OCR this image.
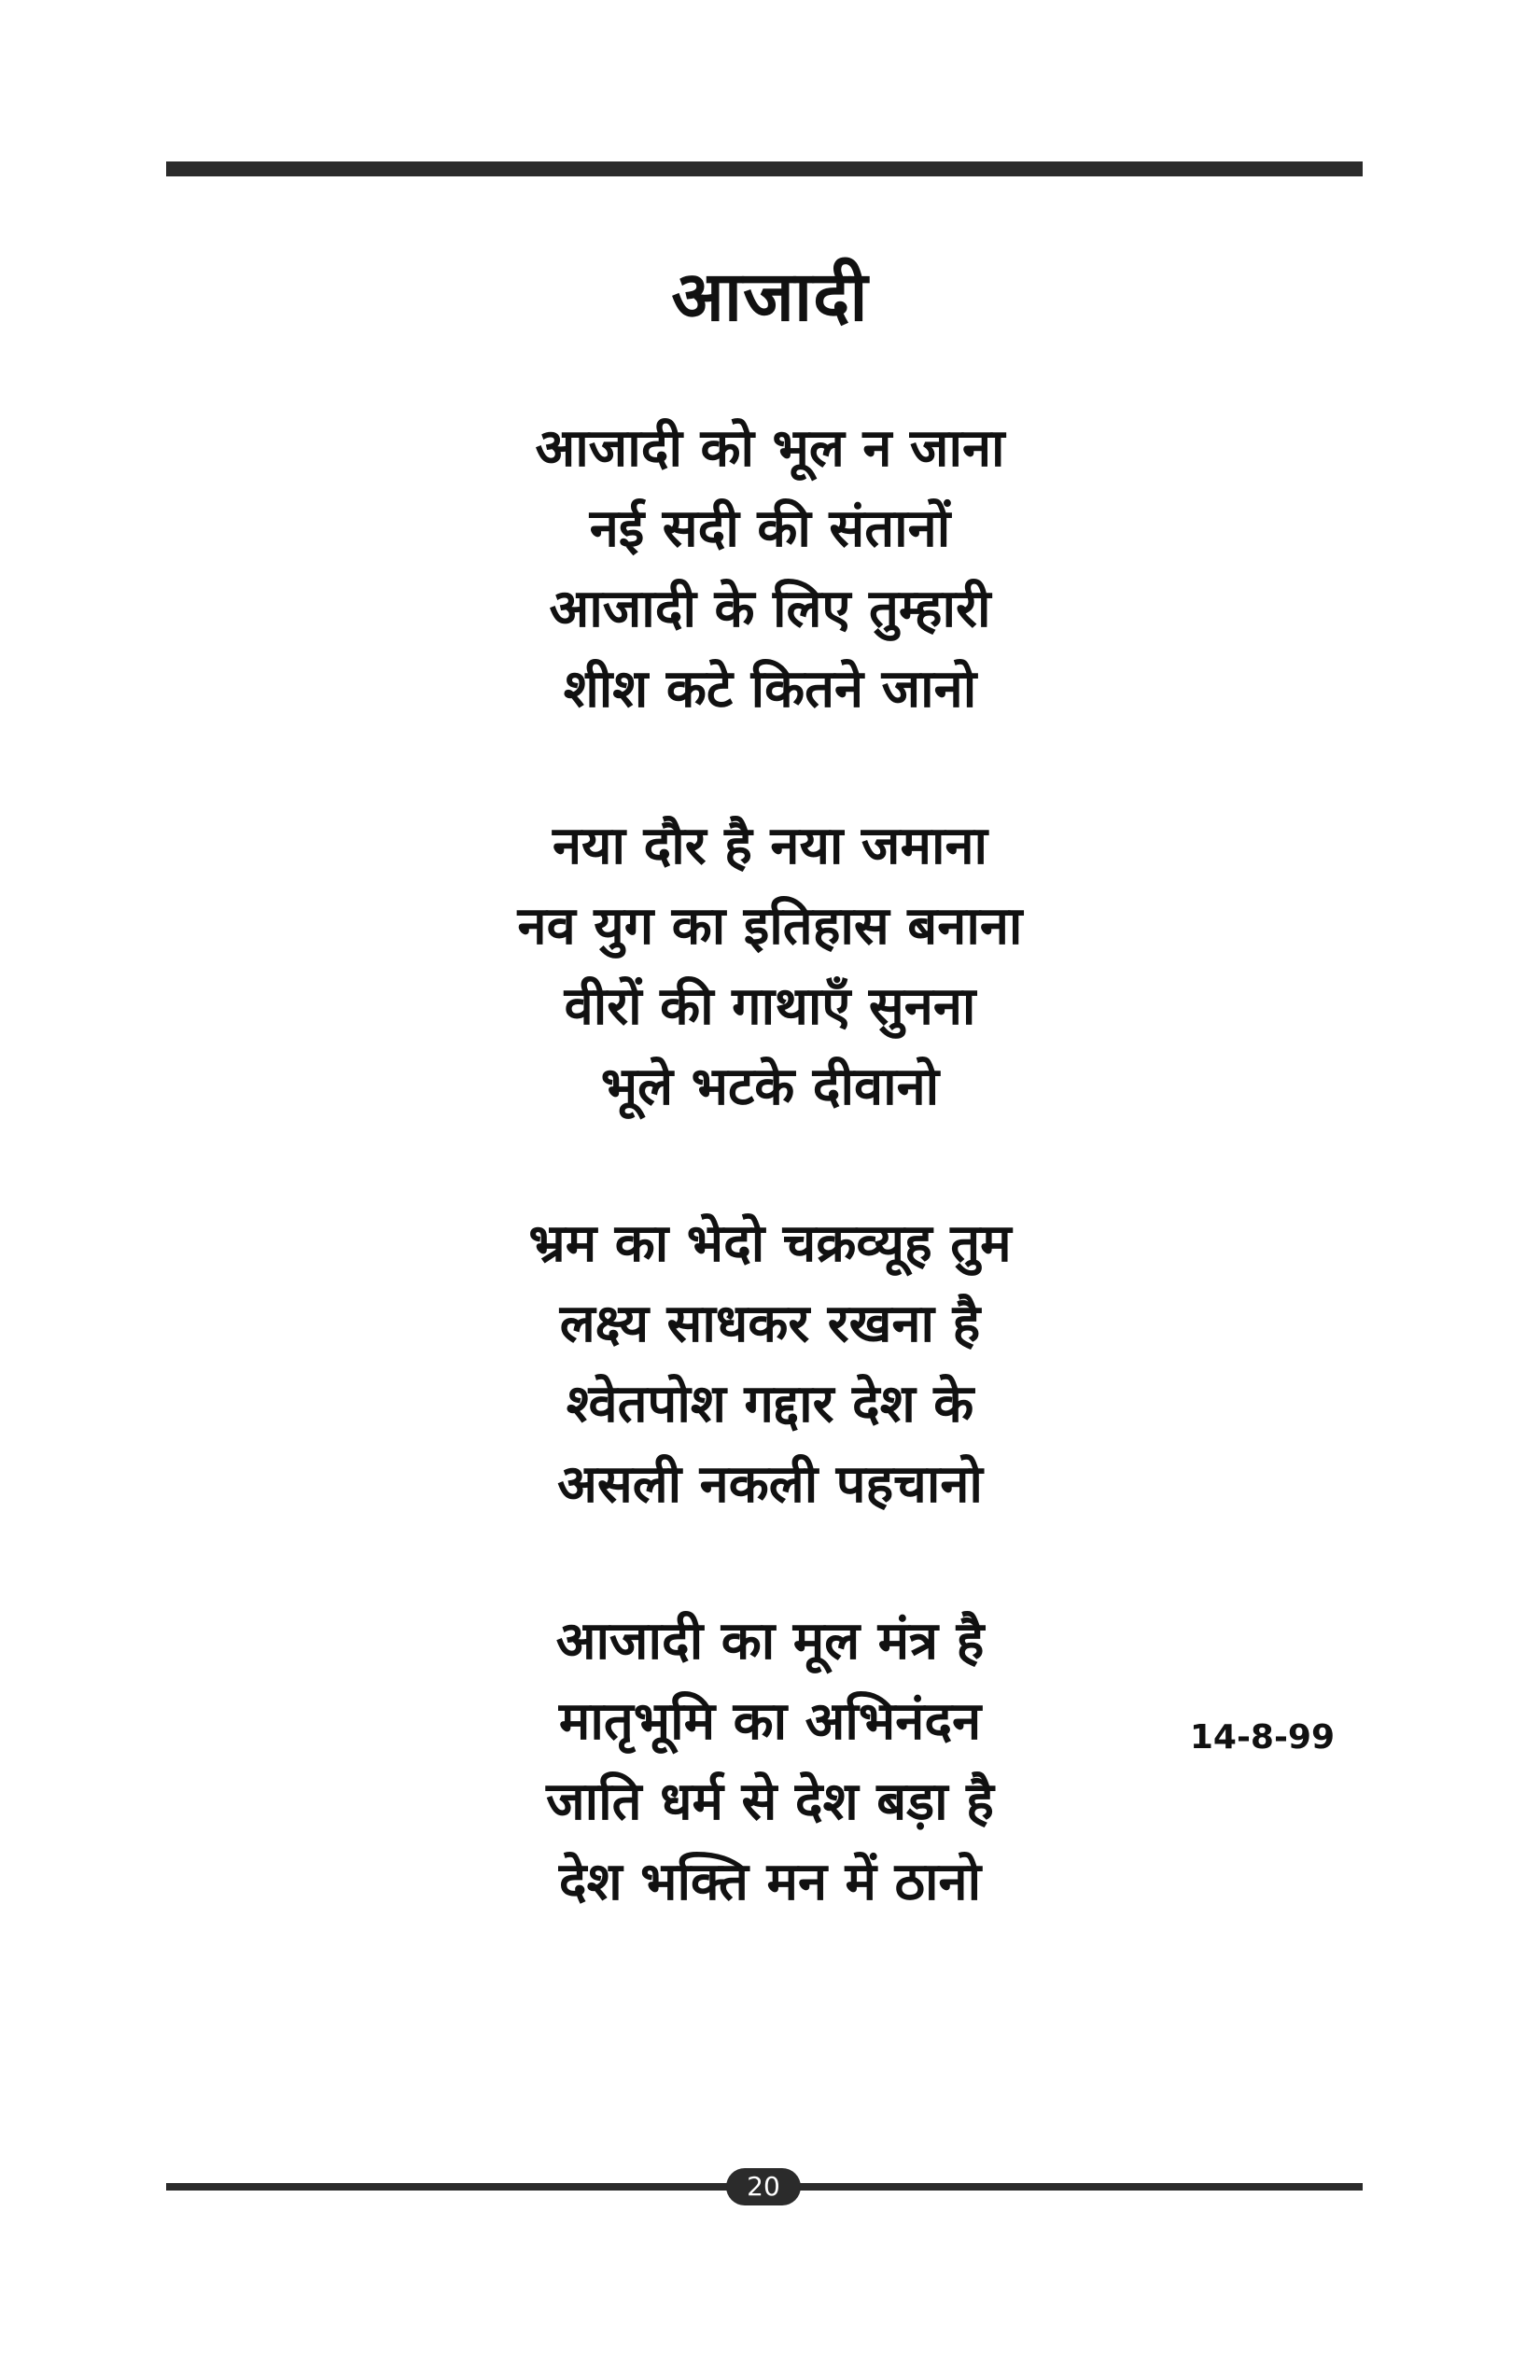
आजादी
आजादी को भूल न जाना
नई सदी की संतानों
आजादी के लिए तुम्हारी
शीश कटे कितने जानो
नया दौर है नया जमाना
नव युग का इतिहास बनाना
वीरों की गाथाएँ सुनना
भूले भटके दीवानो
भ्रम का भेदो चक्रव्यूह तुम
लक्ष्य साधकर रखना है
श्वेतपोश गद्दार देश के
असली नकली पहचानो
आजादी का मूल मंत्र है
मातृभूमि का अभिनंदन
जाति धर्म से देश बड़ा है
देश भक्ति मन में ठानो
14-8-99
20
